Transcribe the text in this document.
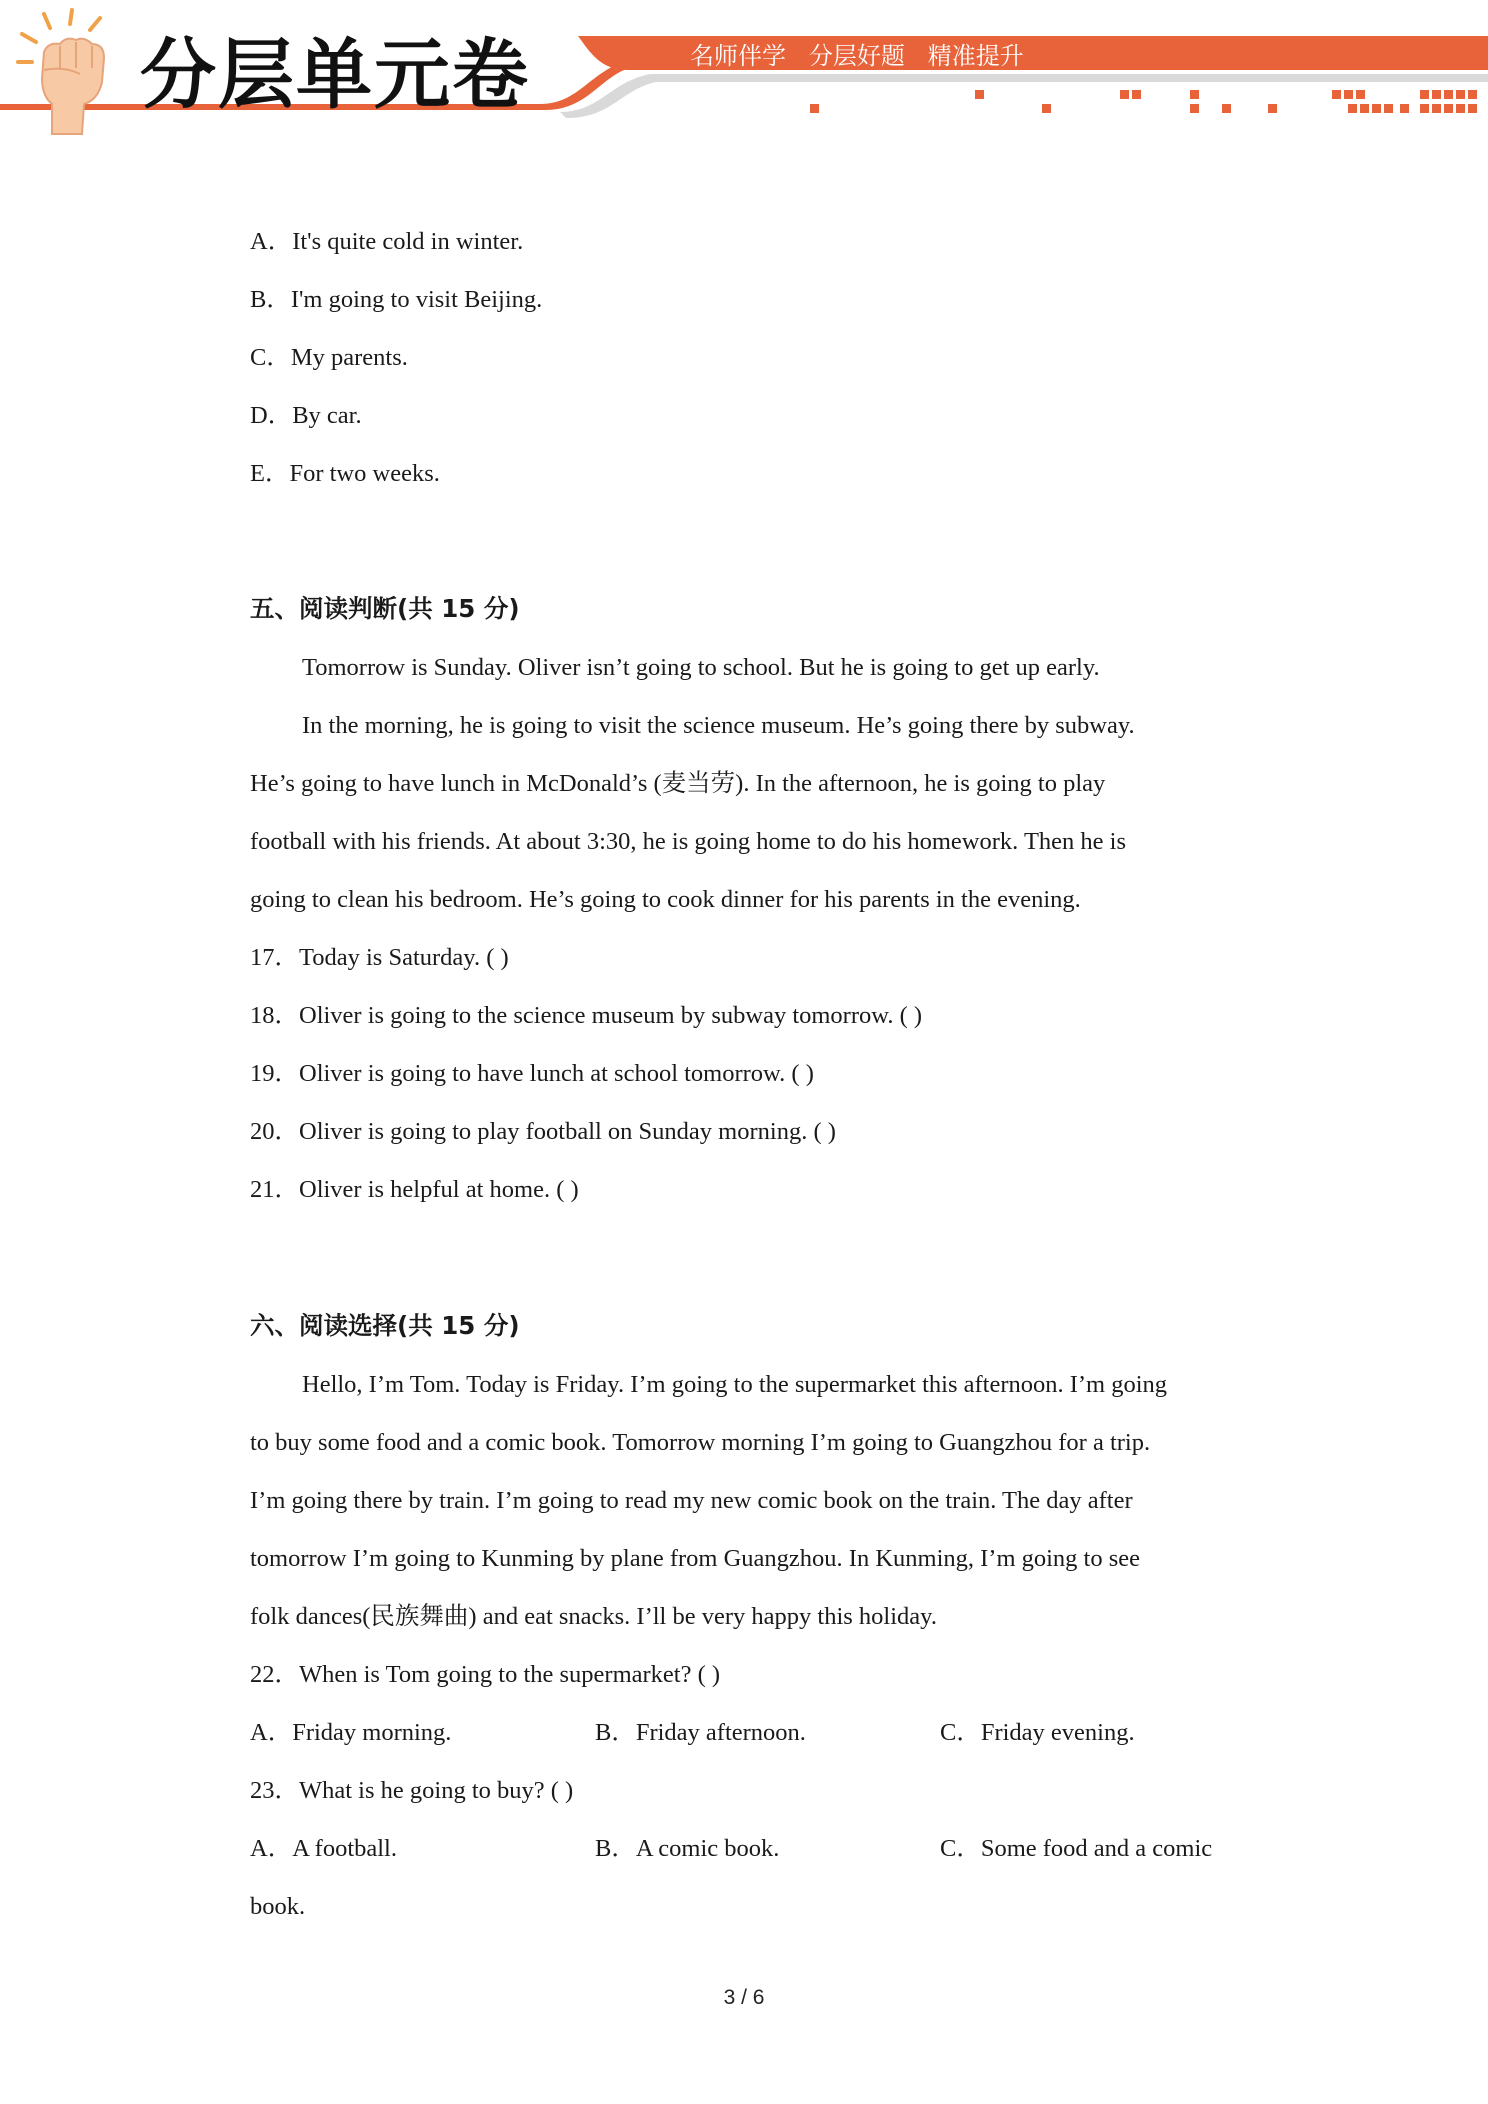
分层单元卷	名师伴学   分层好题   精准提升
A．It's quite cold in winter.
B．I'm going to visit Beijing.
C．My parents.
D．By car.
E．For two weeks.
五、阅读判断(共 15 分)
Tomorrow is Sunday. Oliver isn’t going to school. But he is going to get up early.
In the morning, he is going to visit the science museum. He’s going there by subway.
He’s going to have lunch in McDonald’s (麦当劳). In the afternoon, he is going to play
football with his friends. At about 3:30, he is going home to do his homework. Then he is
going to clean his bedroom. He’s going to cook dinner for his parents in the evening.
17．Today is Saturday. ( )
18．Oliver is going to the science museum by subway tomorrow. ( )
19．Oliver is going to have lunch at school tomorrow. ( )
20．Oliver is going to play football on Sunday morning. ( )
21．Oliver is helpful at home. ( )
六、阅读选择(共 15 分)
Hello, I’m Tom. Today is Friday. I’m going to the supermarket this afternoon. I’m going
to buy some food and a comic book. Tomorrow morning I’m going to Guangzhou for a trip.
I’m going there by train. I’m going to read my new comic book on the train. The day after
tomorrow I’m going to Kunming by plane from Guangzhou. In Kunming, I’m going to see
folk dances(民族舞曲) and eat snacks. I’ll be very happy this holiday.
22．When is Tom going to the supermarket? ( )
A．Friday morning.	B．Friday afternoon.	C．Friday evening.
23．What is he going to buy? ( )
A．A football.	B．A comic book.	C．Some food and a comic
book.
3 / 6
